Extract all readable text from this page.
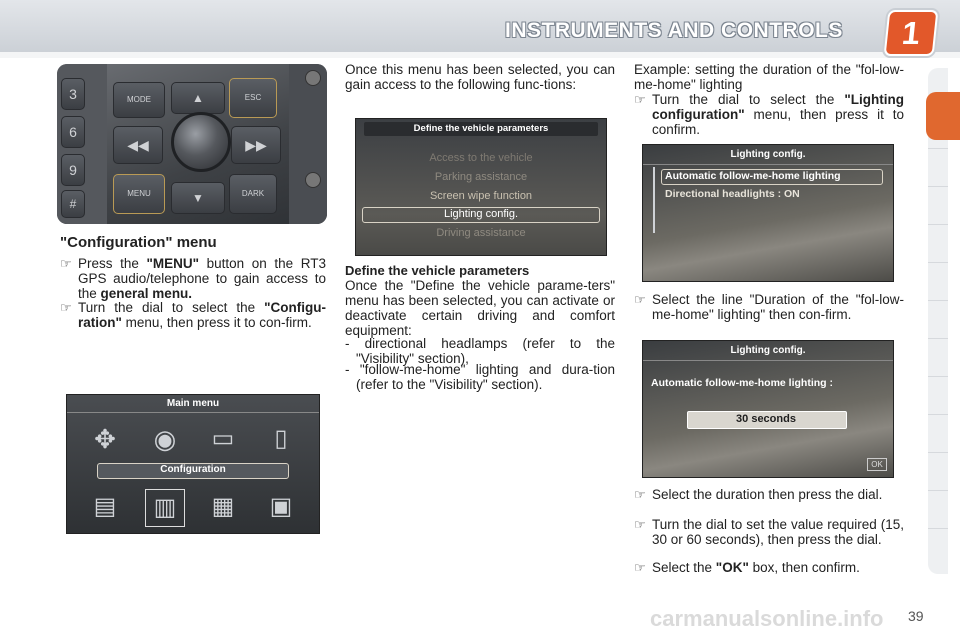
INSTRUMENTS AND CONTROLS	1
3
6
9
#
MODE	▲	ESC
◀◀	▶▶
MENU	▼	DARK
"Configuration" menu
☞ Press the "MENU" button on the RT3 GPS audio/telephone to gain access to the general menu.
☞ Turn the dial to select the "Configu-ration" menu, then press it to con-firm.
Main menu
✥ ◉ ▭	▯
Configuration
▤	▥	▦ ▣
Once this menu has been selected, you can gain access to the following func-tions:
Define the vehicle parameters
Access to the vehicle
Parking assistance
Screen wipe function
Lighting config.
Driving assistance
Define the vehicle parameters
Once the "Define the vehicle parame-ters" menu has been selected, you can activate or deactivate certain driving and comfort equipment:
- directional headlamps (refer to the "Visibility" section),
- "follow-me-home" lighting and dura-tion (refer to the "Visibility" section).
Example: setting the duration of the "fol-low-me-home" lighting
☞ Turn the dial to select the "Lighting configuration" menu, then press it to confirm.
Lighting config.
Automatic follow-me-home lighting
Directional headlights : ON
☞ Select the line "Duration of the "fol-low-me-home" lighting" then con-firm.
Lighting config.
Automatic follow-me-home lighting :
30 seconds
OK
☞ Select the duration then press the dial.
☞ Turn the dial to set the value required (15, 30 or 60 seconds), then press the dial.
☞ Select the "OK" box, then confirm.
39
carmanualsonline.info
